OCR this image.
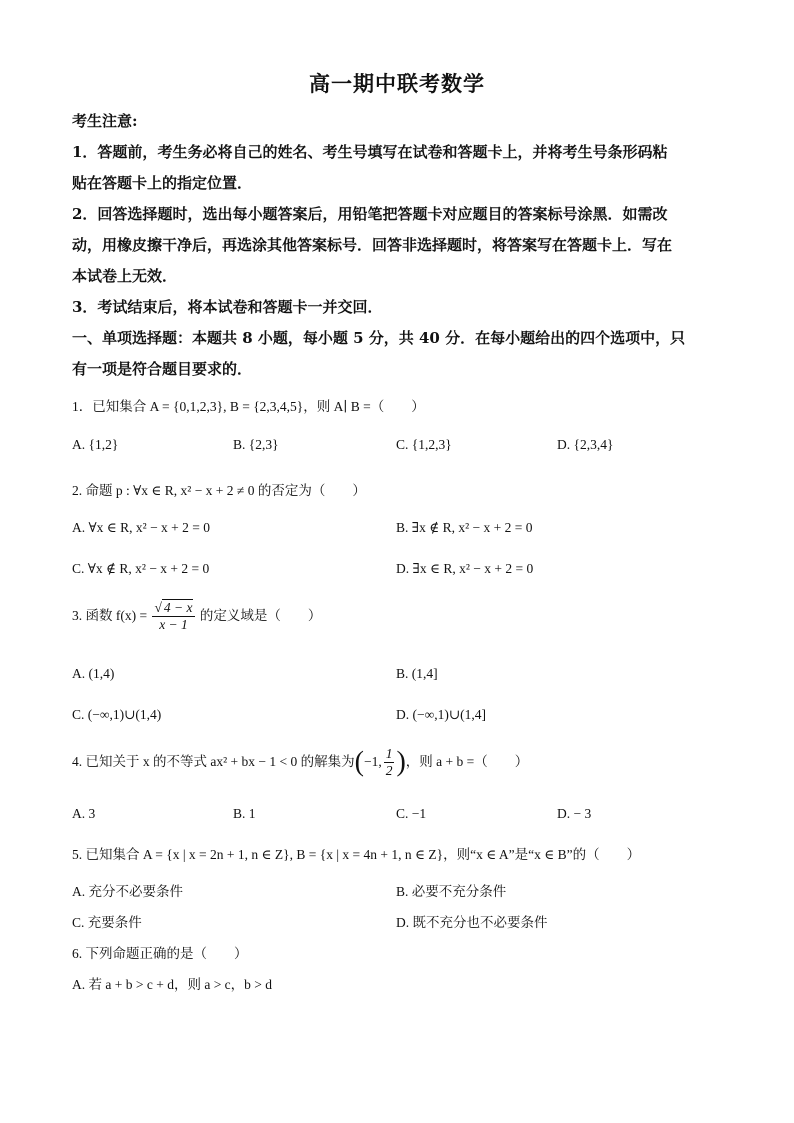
高一期中联考数学
考生注意:
1．答题前，考生务必将自己的姓名、考生号填写在试卷和答题卡上，并将考生号条形码粘
贴在答题卡上的指定位置．
2．回答选择题时，选出每小题答案后，用铅笔把答题卡对应题目的答案标号涂黑．如需改
动，用橡皮擦干净后，再选涂其他答案标号．回答非选择题时，将答案写在答题卡上．写在
本试卷上无效．
3．考试结束后，将本试卷和答题卡一并交回．
一、单项选择题：本题共 8 小题，每小题 5 分，共 40 分．在每小题给出的四个选项中，只
有一项是符合题目要求的．
1．已知集合 A = {0,1,2,3}, B = {2,3,4,5}，则 A∣ B =（　　）
A. {1,2}	B. {2,3}	C. {1,2,3}	D. {2,3,4}
2. 命题 p : ∀x ∈ R, x² − x + 2 ≠ 0 的否定为（　　）
A. ∀x ∈ R, x² − x + 2 = 0	B. ∃x ∉ R, x² − x + 2 = 0
C. ∀x ∉ R, x² − x + 2 = 0	D. ∃x ∈ R, x² − x + 2 = 0
3. 函数 $f(x) = \frac{√ 4 - x}{x - 1}$ 的定义域是（　　）
A. (1,4)	B. (1,4]
C. (−∞,1)∪(1,4)	D. (−∞,1)∪(1,4]
4. 已知关于 x 的不等式 ax² + bx − 1 < 0 的解集为(−1, $\frac{1}{2}$ )，则 a + b =（　　）
A. 3	B. 1	C. −1	D. − 3
5. 已知集合 A = {x | x = 2n + 1, n ∈ Z}, B = {x | x = 4n + 1, n ∈ Z}，则“x ∈ A”是“x ∈ B”的（　　）
A. 充分不必要条件	B. 必要不充分条件
C. 充要条件	D. 既不充分也不必要条件
6. 下列命题正确的是（　　）
A. 若 a + b > c + d，则 a > c，b > d
